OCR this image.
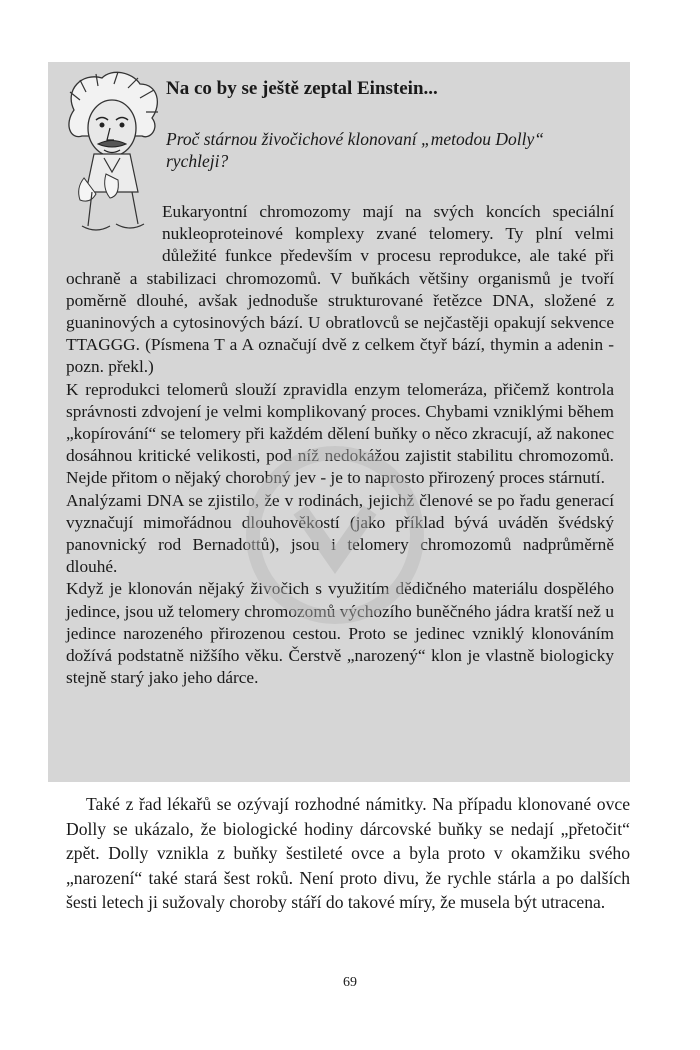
Na co by se ještě zeptal Einstein...
Proč stárnou živočichové klonovaní „metodou Dolly“ rychleji?

Eukaryontní chromozomy mají na svých koncích speciální nukleoproteinové komplexy zvané telomery. Ty plní velmi důležité funkce především v procesu reprodukce, ale také při ochraně a stabilizaci chromozomů. V buňkách většiny organismů je tvoří poměrně dlouhé, avšak jednoduše strukturované řetězce DNA, složené z guaninových a cytosinových bází. U obratlovců se nejčastěji opakují sekvence TTAGGG. (Písmena T a A označují dvě z celkem čtyř bází, thymin a adenin - pozn. překl.)

K reprodukci telomerů slouží zpravidla enzym telomeráza, přičemž kontrola správnosti zdvojení je velmi komplikovaný proces. Chybami vzniklými během „kopírování“ se telomery při každém dělení buňky o něco zkracují, až nakonec dosáhnou kritické velikosti, pod níž nedokážou zajistit stabilitu chromozomů. Nejde přitom o nějaký chorobný jev - je to naprosto přirozený proces stárnutí.

Analýzami DNA se zjistilo, že v rodinách, jejichž členové se po řadu generací vyznačují mimořádnou dlouhověkostí (jako příklad bývá uváděn švédský panovnický rod Bernadottů), jsou i telomery chromozomů nadprůměrně dlouhé.

Když je klonován nějaký živočich s využitím dědičného materiálu dospělého jedince, jsou už telomery chromozomů výchozího buněčného jádra kratší než u jedince narozeného přirozenou cestou. Proto se jedinec vzniklý klonováním dožívá podstatně nižšího věku. Čerstvě „narozený“ klon je vlastně biologicky stejně starý jako jeho dárce.

Také z řad lékařů se ozývají rozhodné námitky. Na případu klonované ovce Dolly se ukázalo, že biologické hodiny dárcovské buňky se nedají „přetočit“ zpět. Dolly vznikla z buňky šestileté ovce a byla proto v okamžiku svého „narození“ také stará šest roků. Není proto divu, že rychle stárla a po dalších šesti letech ji sužovaly choroby stáří do takové míry, že musela být utracena.

69
